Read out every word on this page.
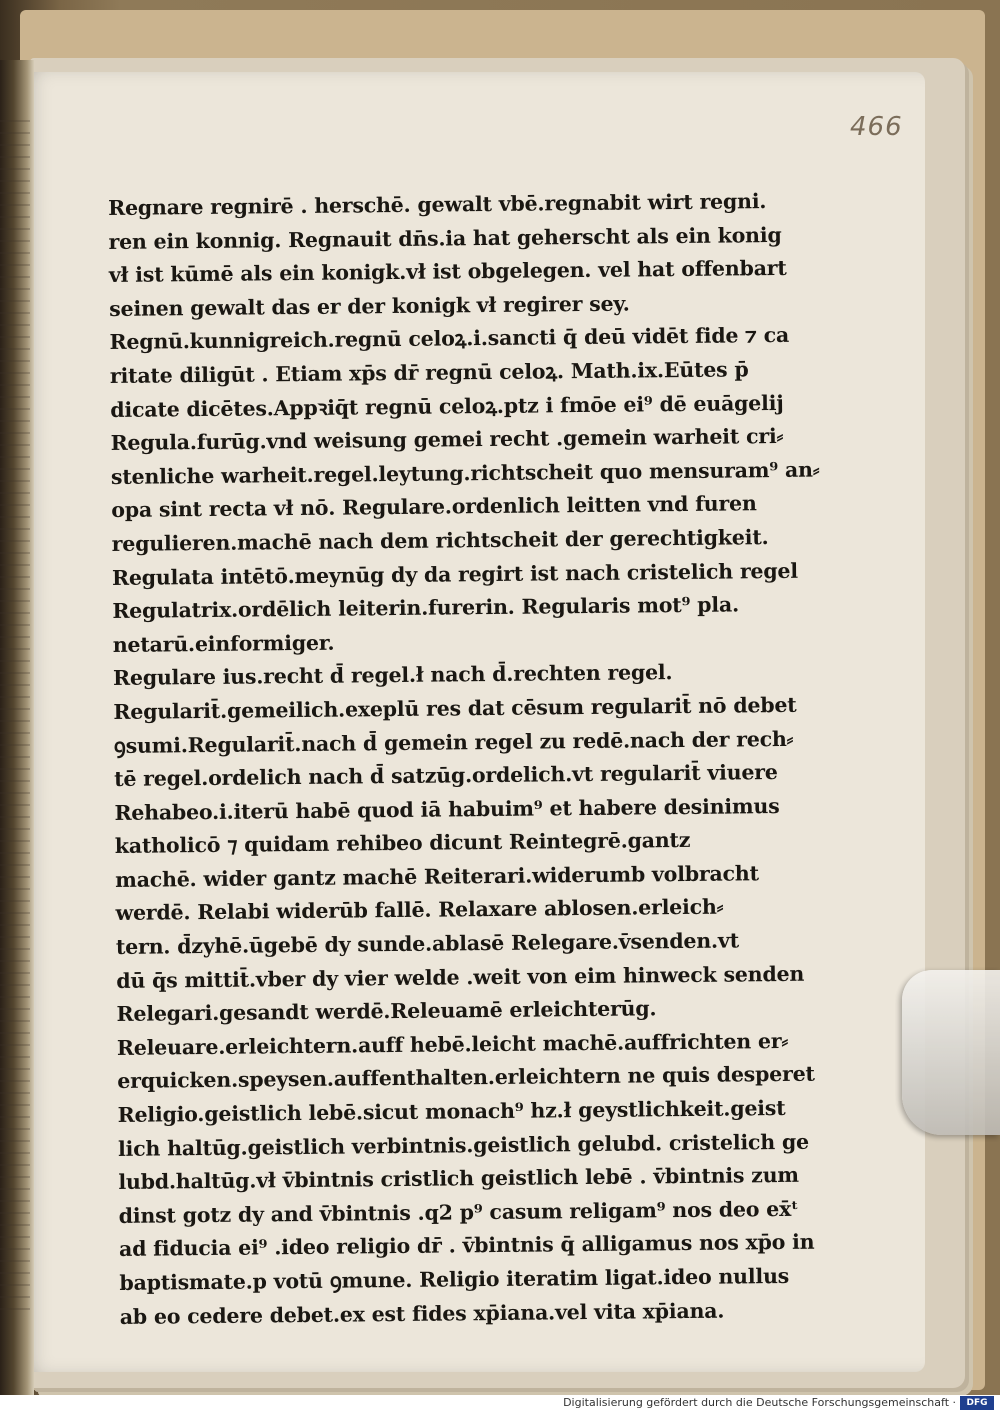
466
Regnare regnirē . herschē. gewalt vbē.regnabit wirt regni.
ren ein konnig. Regnauit dn̄s.ia hat geherscht als ein konig
vł ist kūmē als ein konigk.vł ist obgelegen. vel hat offenbart
seinen gewalt das er der konigk vł regirer sey.
Regnū.kunnigreich.regnū celoꝝ.i.sancti q̄ deū vidēt fide ⁊ ca
ritate diligūt . Etiam xp̄s dr̄ regnū celoꝝ. Math.ix.Eūtes p̄
dicate dicētes.Appꝛiq̄t regnū celoꝝ.ptz i fmōe ei⁹ dē euāgelij
Regula.furūg.vnd weisung gemei recht .gemein warheit cri⸗
stenliche warheit.regel.leytung.richtscheit quo mensuram⁹ an⸗
opa sint recta vł nō. Regulare.ordenlich leitten vnd furen
regulieren.machē nach dem richtscheit der gerechtigkeit.
Regulata intētō.meynūg dy da regirt ist nach cristelich regel
Regulatrix.ordēlich leiterin.furerin. Regularis mot⁹ pla.
netarū.einformiger.
Regulare ius.recht d̄ regel.ł nach d̄.rechten regel.
Regularit̄.gemeilich.exeplū res dat cēsum regularit̄ nō debet
ꝯsumi.Regularit̄.nach d̄ gemein regel zu redē.nach der rech⸗
tē regel.ordelich nach d̄ satzūg.ordelich.vt regularit̄ viuere
Rehabeo.i.iterū habē quod iā habuim⁹ et habere desinimus
katholicō ⁊ quidam rehibeo dicunt Reintegrē.gantz
machē. wider gantz machē Reiterari.widerumb volbracht
werdē. Relabi widerūb fallē. Relaxare ablosen.erleich⸗
tern. d̄zyhē.ūgebē dy sunde.ablasē Relegare.v̄senden.vt
dū q̄s mittit̄.vber dy vier welde .weit von eim hinweck senden
Relegari.gesandt werdē.Releuamē erleichterūg.
Releuare.erleichtern.auff hebē.leicht machē.auffrichten er⸗
erquicken.speysen.auffenthalten.erleichtern ne quis desperet
Religio.geistlich lebē.sicut monach⁹ hz.ł geystlichkeit.geist
lich haltūg.geistlich verbintnis.geistlich gelubd. cristelich ge
lubd.haltūg.vł v̄bintnis cristlich geistlich lebē . v̄bintnis zum
dinst gotz dy and v̄bintnis .q2 p⁹ casum religam⁹ nos deo ex̄ᵗ
ad fiducia ei⁹ .ideo religio dr̄ . v̄bintnis q̄ alligamus nos xp̄o in
baptismate.p votū ꝯmune. Religio iteratim ligat.ideo nullus
ab eo cedere debet.ex est fides xp̄iana.vel vita xp̄iana.
Digitalisierung gefördert durch die Deutsche Forschungsgemeinschaft ·	DFG
